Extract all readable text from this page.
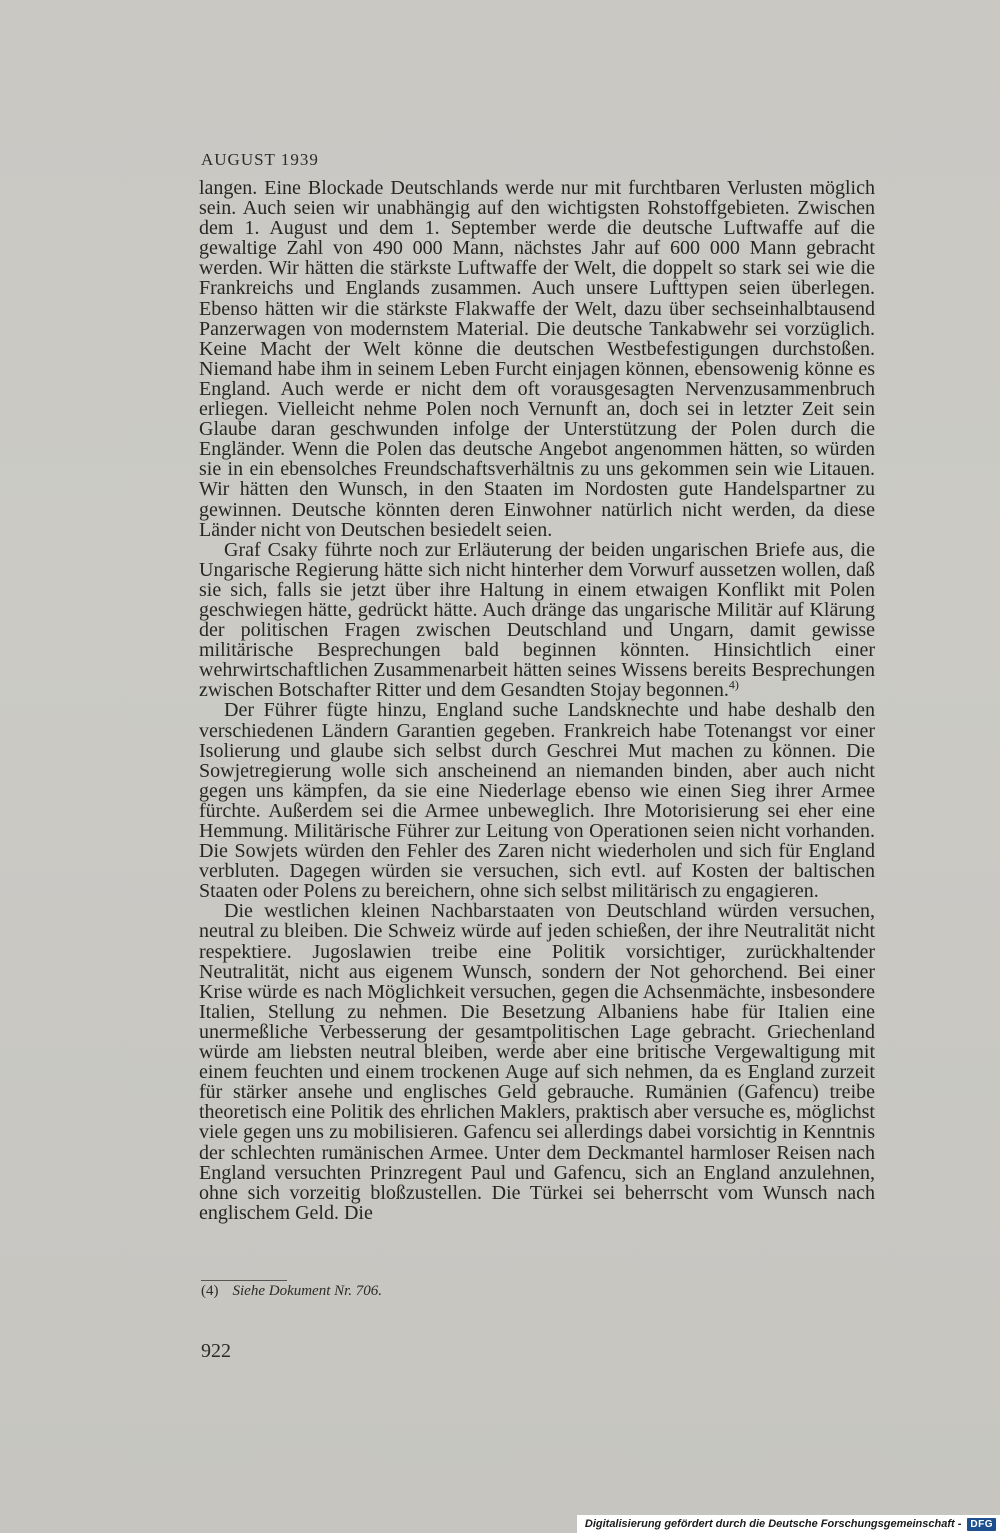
AUGUST 1939

langen. Eine Blockade Deutschlands werde nur mit furchtbaren Verlusten möglich sein. Auch seien wir unabhängig auf den wichtigsten Rohstoffgebieten. Zwischen dem 1. August und dem 1. September werde die deutsche Luftwaffe auf die gewaltige Zahl von 490 000 Mann, nächstes Jahr auf 600 000 Mann gebracht werden. Wir hätten die stärkste Luftwaffe der Welt, die doppelt so stark sei wie die Frankreichs und Englands zusammen. Auch unsere Lufttypen seien überlegen. Ebenso hätten wir die stärkste Flakwaffe der Welt, dazu über sechseinhalbtausend Panzerwagen von modernstem Material. Die deutsche Tankabwehr sei vorzüglich. Keine Macht der Welt könne die deutschen Westbefestigungen durchstoßen. Niemand habe ihm in seinem Leben Furcht einjagen können, ebensowenig könne es England. Auch werde er nicht dem oft vorausgesagten Nervenzusammenbruch erliegen. Vielleicht nehme Polen noch Vernunft an, doch sei in letzter Zeit sein Glaube daran geschwunden infolge der Unterstützung der Polen durch die Engländer. Wenn die Polen das deutsche Angebot angenommen hätten, so würden sie in ein ebensolches Freundschaftsverhältnis zu uns gekommen sein wie Litauen. Wir hätten den Wunsch, in den Staaten im Nordosten gute Handelspartner zu gewinnen. Deutsche könnten deren Einwohner natürlich nicht werden, da diese Länder nicht von Deutschen besiedelt seien.

Graf Csaky führte noch zur Erläuterung der beiden ungarischen Briefe aus, die Ungarische Regierung hätte sich nicht hinterher dem Vorwurf aussetzen wollen, daß sie sich, falls sie jetzt über ihre Haltung in einem etwaigen Konflikt mit Polen geschwiegen hätte, gedrückt hätte. Auch dränge das ungarische Militär auf Klärung der politischen Fragen zwischen Deutschland und Ungarn, damit gewisse militärische Besprechungen bald beginnen könnten. Hinsichtlich einer wehrwirtschaftlichen Zusammenarbeit hätten seines Wissens bereits Besprechungen zwischen Botschafter Ritter und dem Gesandten Stojay begonnen.$^{4)}$

Der Führer fügte hinzu, England suche Landsknechte und habe deshalb den verschiedenen Ländern Garantien gegeben. Frankreich habe Totenangst vor einer Isolierung und glaube sich selbst durch Geschrei Mut machen zu können. Die Sowjetregierung wolle sich anscheinend an niemanden binden, aber auch nicht gegen uns kämpfen, da sie eine Niederlage ebenso wie einen Sieg ihrer Armee fürchte. Außerdem sei die Armee unbeweglich. Ihre Motorisierung sei eher eine Hemmung. Militärische Führer zur Leitung von Operationen seien nicht vorhanden. Die Sowjets würden den Fehler des Zaren nicht wiederholen und sich für England verbluten. Dagegen würden sie versuchen, sich evtl. auf Kosten der baltischen Staaten oder Polens zu bereichern, ohne sich selbst militärisch zu engagieren.

Die westlichen kleinen Nachbarstaaten von Deutschland würden versuchen, neutral zu bleiben. Die Schweiz würde auf jeden schießen, der ihre Neutralität nicht respektiere. Jugoslawien treibe eine Politik vorsichtiger, zurückhaltender Neutralität, nicht aus eigenem Wunsch, sondern der Not gehorchend. Bei einer Krise würde es nach Möglichkeit versuchen, gegen die Achsenmächte, insbesondere Italien, Stellung zu nehmen. Die Besetzung Albaniens habe für Italien eine unermeßliche Verbesserung der gesamtpolitischen Lage gebracht. Griechenland würde am liebsten neutral bleiben, werde aber eine britische Vergewaltigung mit einem feuchten und einem trockenen Auge auf sich nehmen, da es England zurzeit für stärker ansehe und englisches Geld gebrauche. Rumänien (Gafencu) treibe theoretisch eine Politik des ehrlichen Maklers, praktisch aber versuche es, möglichst viele gegen uns zu mobilisieren. Gafencu sei allerdings dabei vorsichtig in Kenntnis der schlechten rumänischen Armee. Unter dem Deckmantel harmloser Reisen nach England versuchten Prinzregent Paul und Gafencu, sich an England anzulehnen, ohne sich vorzeitig bloßzustellen. Die Türkei sei beherrscht vom Wunsch nach englischem Geld. Die

(4) Siehe Dokument Nr. 706.
922
Digitalisierung gefördert durch die Deutsche Forschungsgemeinschaft - DFG
